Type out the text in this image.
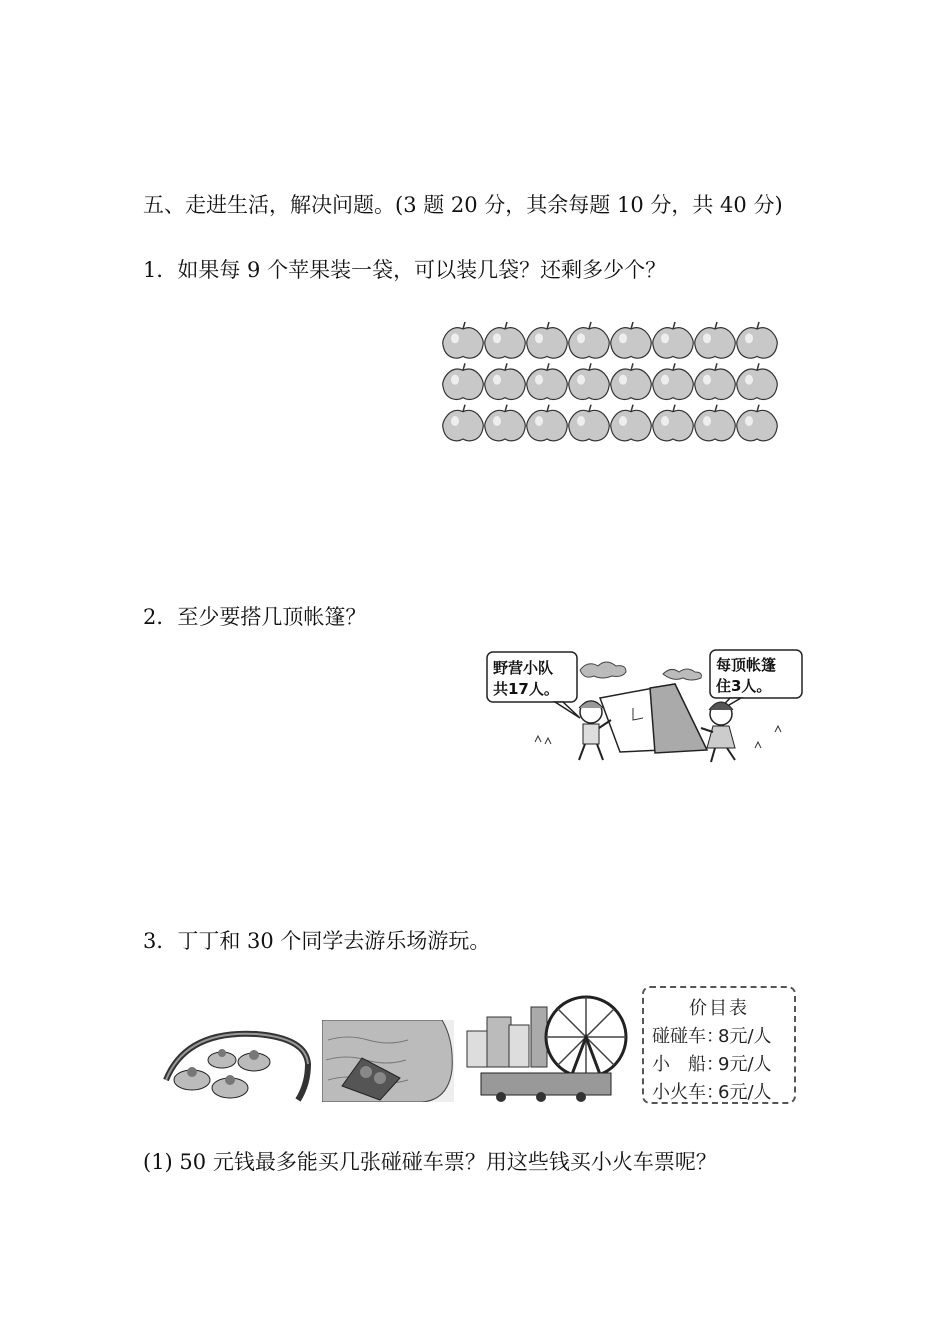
五、走进生活，解决问题。(3 题 20 分，其余每题 10 分，共 40 分)
1．如果每 9 个苹果装一袋，可以装几袋？还剩多少个？
2．至少要搭几顶帐篷？
野营小队
共17人。
每顶帐篷
住3人。
3．丁丁和 30 个同学去游乐场游玩。
价目表
碰碰车：
8元/人
小　船：
9元/人
小火车：
6元/人
(1) 50 元钱最多能买几张碰碰车票？用这些钱买小火车票呢？
